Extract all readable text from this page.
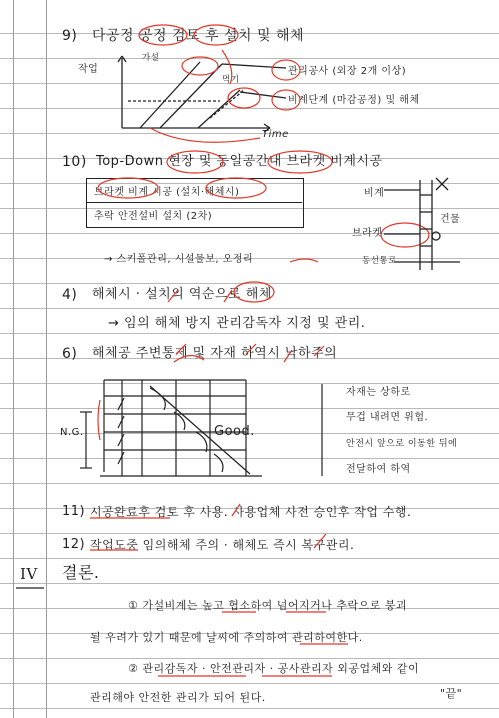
9) 다공정 공정 검토 후 설치 및 해체
작업
가설
먹기
관리공사 (외장 2개 이상)
비계단계 (마감공정) 및 해체
Time
10) Top-Down 현장 및 동일공간내 브라켓 비계시공
브라켓 비계 시공 (설치·해체시)
추락 안전설비 설치 (2차)
→ 스키폴관리, 시설물보, 오정리
비계
브라켓
건물
동선통로
4) 해체시 · 설치의 역순으로 해체
→ 임의 해체 방지 관리감독자 지정 및 관리.
6) 해체공 주변통제 및 자재 하역시 낙하주의
N.G.	Good.
자재는 상하로
무겁 내려면 위험.
안전시 앞으로 이동한 뒤에
전달하여 하역
11) 시공완료후 검토 후 사용. 사용업체 사전 승인후 작업 수행.
12) 작업도중 임의해체 주의 · 해체도 즉시 복구관리.
IV 결론.
① 가설비계는 높고 협소하여 넘어지거나 추락으로 붕괴
될 우려가 있기 때문에 날씨에 주의하여 관리하여한다.
② 관리감독자 · 안전관리자 · 공사관리자 외공업체와 같이
관리해야 안전한 관리가 되어 된다.	"끝"
